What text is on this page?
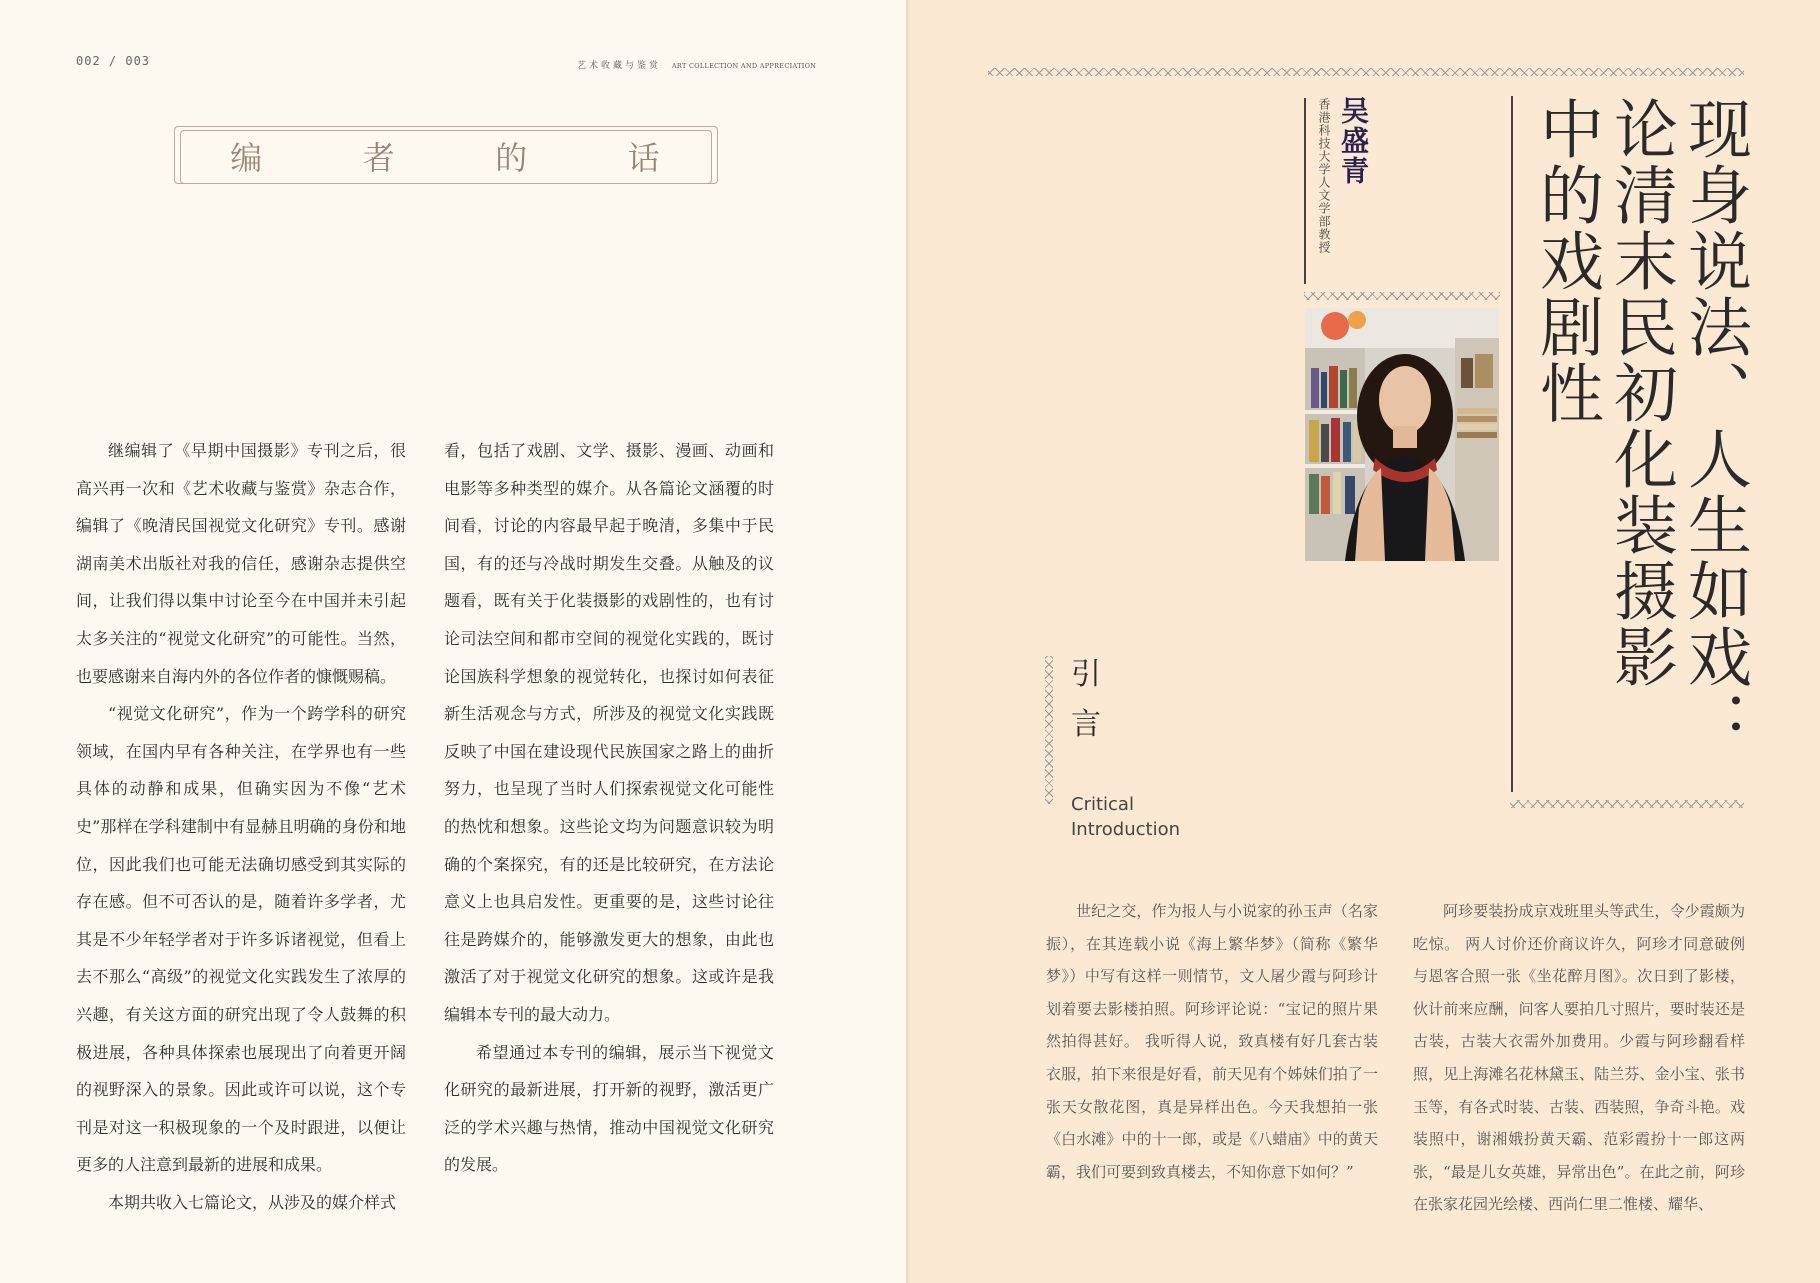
002 / 003	艺术收藏与鉴赏 ART COLLECTION AND APPRECIATION
编	者	的	话

继编辑了《早期中国摄影》专刊之后，很高兴再一次和《艺术收藏与鉴赏》杂志合作，编辑了《晚清民国视觉文化研究》专刊。感谢湖南美术出版社对我的信任，感谢杂志提供空间，让我们得以集中讨论至今在中国并未引起太多关注的“视觉文化研究”的可能性。当然，也要感谢来自海内外的各位作者的慷慨赐稿。

“视觉文化研究”，作为一个跨学科的研究领域，在国内早有各种关注，在学界也有一些具体的动静和成果，但确实因为不像“艺术史”那样在学科建制中有显赫且明确的身份和地位，因此我们也可能无法确切感受到其实际的存在感。但不可否认的是，随着许多学者，尤其是不少年轻学者对于许多诉诸视觉，但看上去不那么“高级”的视觉文化实践发生了浓厚的兴趣，有关这方面的研究出现了令人鼓舞的积极进展，各种具体探索也展现出了向着更开阔的视野深入的景象。因此或许可以说，这个专刊是对这一积极现象的一个及时跟进，以便让更多的人注意到最新的进展和成果。

本期共收入七篇论文，从涉及的媒介样式

看，包括了戏剧、文学、摄影、漫画、动画和电影等多种类型的媒介。从各篇论文涵覆的时间看，讨论的内容最早起于晚清，多集中于民国，有的还与冷战时期发生交叠。从触及的议题看，既有关于化装摄影的戏剧性的，也有讨论司法空间和都市空间的视觉化实践的，既讨论国族科学想象的视觉转化，也探讨如何表征新生活观念与方式，所涉及的视觉文化实践既反映了中国在建设现代民族国家之路上的曲折努力，也呈现了当时人们探索视觉文化可能性的热忱和想象。这些论文均为问题意识较为明确的个案探究，有的还是比较研究，在方法论意义上也具启发性。更重要的是，这些讨论往往是跨媒介的，能够激发更大的想象，由此也激活了对于视觉文化研究的想象。这或许是我编辑本专刊的最大动力。

希望通过本专刊的编辑，展示当下视觉文化研究的最新进展，打开新的视野，激活更广泛的学术兴趣与热情，推动中国视觉文化研究的发展。

现身说法、人生如戏：
论清末民初化装摄影
中的戏剧性
吴盛青
香港科技大学人文学部教授
引
言
Critical
Introduction

世纪之交，作为报人与小说家的孙玉声（名家振），在其连载小说《海上繁华梦》（简称《繁华梦》）中写有这样一则情节，文人屠少霞与阿珍计划着要去影楼拍照。阿珍评论说：“宝记的照片果然拍得甚好。 我听得人说，致真楼有好几套古装衣服，拍下来很是好看，前天见有个姊妹们拍了一张天女散花图，真是异样出色。今天我想拍一张《白水滩》中的十一郎，或是《八蜡庙》中的黄天霸，我们可要到致真楼去，不知你意下如何？”

阿珍要装扮成京戏班里头等武生，令少霞颇为吃惊。 两人讨价还价商议许久，阿珍才同意破例与恩客合照一张《坐花醉月图》。次日到了影楼，伙计前来应酬，问客人要拍几寸照片，要时装还是古装，古装大衣需外加费用。少霞与阿珍翻看样照，见上海滩名花林黛玉、陆兰芬、金小宝、张书玉等，有各式时装、古装、西装照，争奇斗艳。戏装照中，谢湘娥扮黄天霸、范彩霞扮十一郎这两张，“最是儿女英雄，异常出色”。在此之前，阿珍在张家花园光绘楼、西尚仁里二惟楼、耀华、
